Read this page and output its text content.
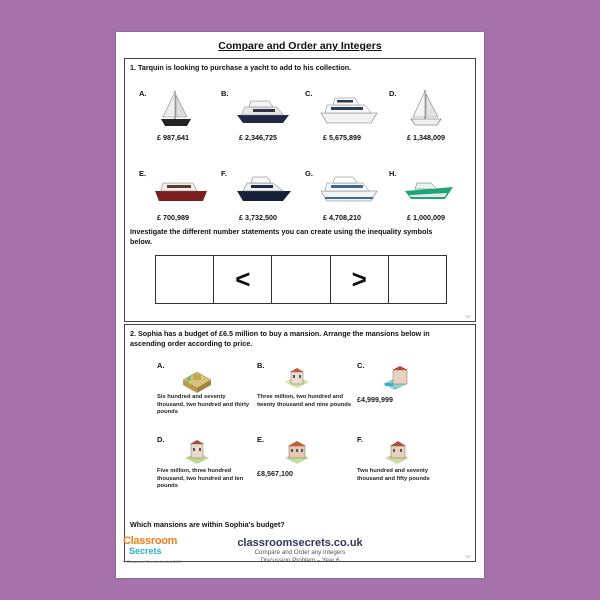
Compare and Order any Integers
1. Tarquin is looking to purchase a yacht to add to his collection.
A.
£ 987,641
B.
£ 2,346,725
C.
£ 5,675,899
D.
£ 1,348,009
E.
£ 700,989
F.
£ 3,732,500
G.
£ 4,708,210
H.
£ 1,000,009
Investigate the different number statements you can create using the inequality symbols below.
<	>
DP
2. Sophia has a budget of £6.5 million to buy a mansion. Arrange the mansions below in ascending order according to price.
A.
Six hundred and seventy thousand, two hundred and thirty pounds
B.
Three million, two hundred and twenty thousand and nine pounds
C.
£4,999,999
D.
Five million, three hundred thousand, two hundred and ten pounds
E.
£8,567,100
F.
Two hundred and seventy thousand and fifty pounds
Which mansions are within Sophia's budget?
DP
Classroom
Secrets
© Classroom Secrets Limited 2019
classroomsecrets.co.uk
Compare and Order any Integers
Discussion Problem – Year 6
